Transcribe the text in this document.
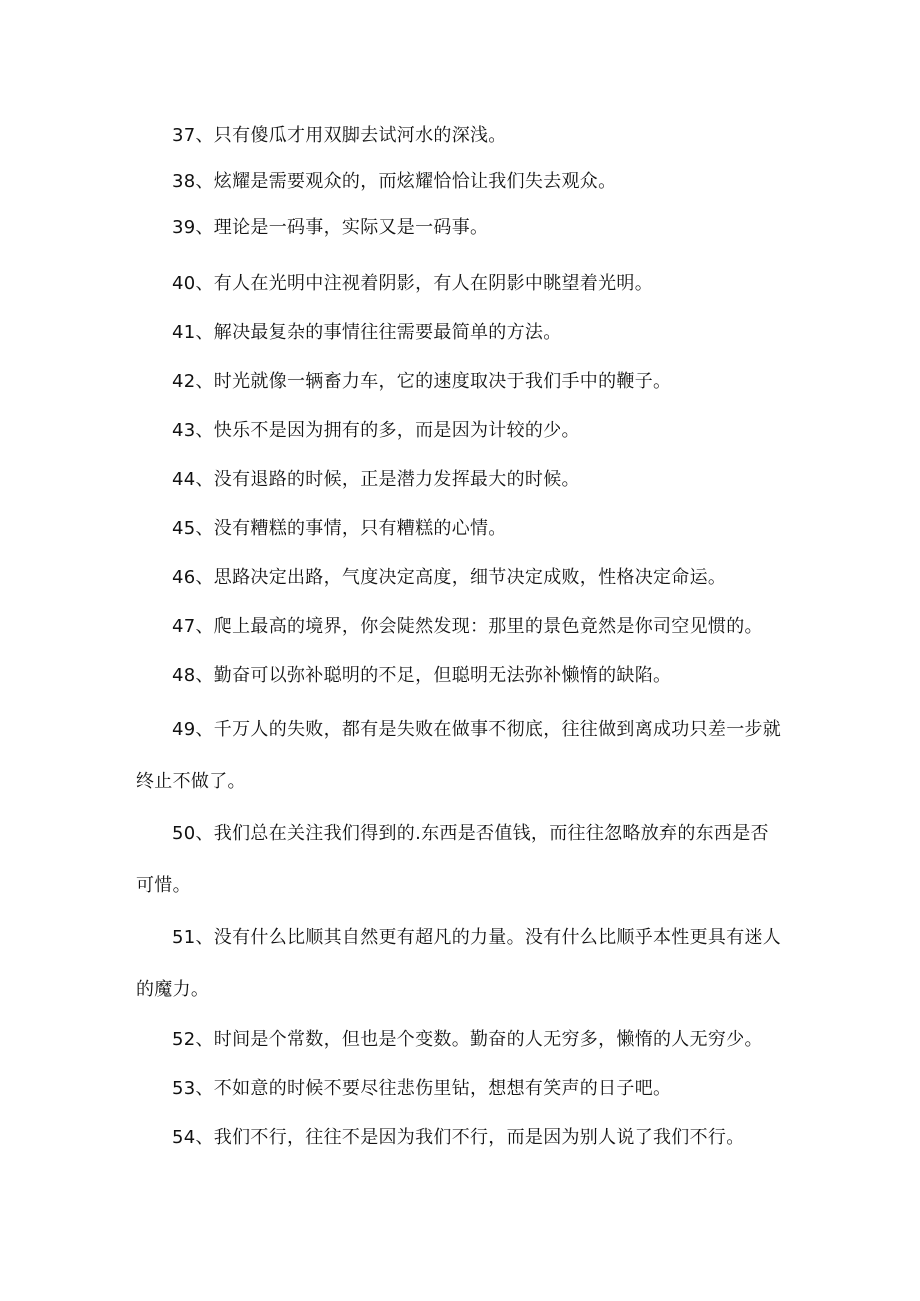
37、只有傻瓜才用双脚去试河水的深浅。

38、炫耀是需要观众的，而炫耀恰恰让我们失去观众。

39、理论是一码事，实际又是一码事。

40、有人在光明中注视着阴影，有人在阴影中眺望着光明。

41、解决最复杂的事情往往需要最简单的方法。

42、时光就像一辆畜力车，它的速度取决于我们手中的鞭子。

43、快乐不是因为拥有的多，而是因为计较的少。

44、没有退路的时候，正是潜力发挥最大的时候。

45、没有糟糕的事情，只有糟糕的心情。

46、思路决定出路，气度决定高度，细节决定成败，性格决定命运。

47、爬上最高的境界，你会陡然发现：那里的景色竟然是你司空见惯的。

48、勤奋可以弥补聪明的不足，但聪明无法弥补懒惰的缺陷。

49、千万人的失败，都有是失败在做事不彻底，往往做到离成功只差一步就终止不做了。

50、我们总在关注我们得到的.东西是否值钱，而往往忽略放弃的东西是否可惜。

51、没有什么比顺其自然更有超凡的力量。没有什么比顺乎本性更具有迷人的魔力。

52、时间是个常数，但也是个变数。勤奋的人无穷多，懒惰的人无穷少。

53、不如意的时候不要尽往悲伤里钻，想想有笑声的日子吧。

54、我们不行，往往不是因为我们不行，而是因为别人说了我们不行。
